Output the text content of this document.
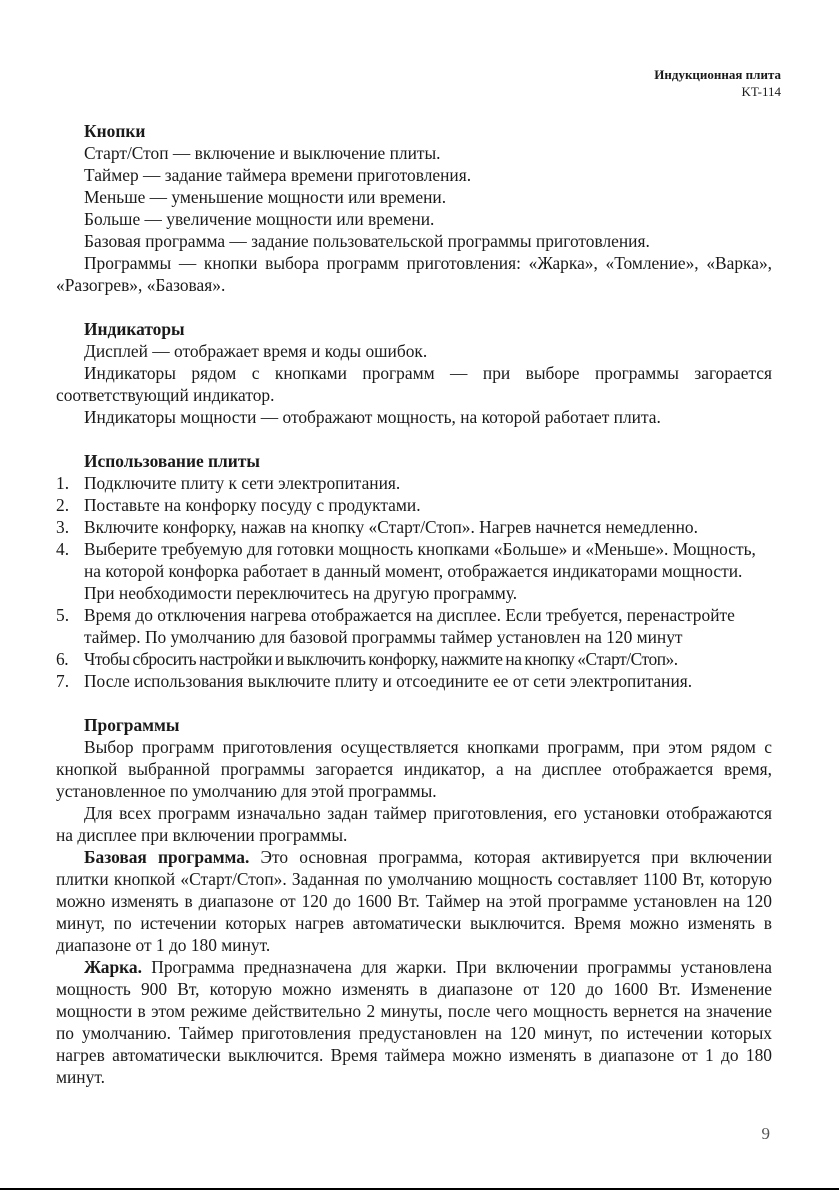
Индукционная плита
KT-114

Кнопки

Старт/Стоп — включение и выключение плиты.

Таймер — задание таймера времени приготовления.

Меньше — уменьшение мощности или времени.

Больше — увеличение мощности или времени.

Базовая программа — задание пользовательской программы приготовления.

Программы — кнопки выбора программ приготовления: «Жарка», «Томление», «Варка», «Разогрев», «Базовая».

Индикаторы

Дисплей — отображает время и коды ошибок.

Индикаторы рядом с кнопками программ — при выборе программы загорается соответствующий индикатор.

Индикаторы мощности — отображают мощность, на которой работает плита.

Использование плиты

1. Подключите плиту к сети электропитания.
2. Поставьте на конфорку посуду с продуктами.
3. Включите конфорку, нажав на кнопку «Старт/Стоп». Нагрев начнется немедленно.
4. Выберите требуемую для готовки мощность кнопками «Больше» и «Меньше». Мощность, на которой конфорка работает в данный момент, отображается индикаторами мощности. При необходимости переключитесь на другую программу.
5. Время до отключения нагрева отображается на дисплее. Если требуется, перенастройте таймер. По умолчанию для базовой программы таймер установлен на 120 минут
6. Чтобы сбросить настройки и выключить конфорку, нажмите на кнопку «Старт/Стоп».
7. После использования выключите плиту и отсоедините ее от сети электропитания.

Программы

Выбор программ приготовления осуществляется кнопками программ, при этом рядом с кнопкой выбранной программы загорается индикатор, а на дисплее отображается время, установленное по умолчанию для этой программы.

Для всех программ изначально задан таймер приготовления, его установки отображаются на дисплее при включении программы.

Базовая программа. Это основная программа, которая активируется при включении плитки кнопкой «Старт/Стоп». Заданная по умолчанию мощность составляет 1100 Вт, которую можно изменять в диапазоне от 120 до 1600 Вт. Таймер на этой программе установлен на 120 минут, по истечении которых нагрев автоматически выключится. Время можно изменять в диапазоне от 1 до 180 минут.

Жарка. Программа предназначена для жарки. При включении программы установлена мощность 900 Вт, которую можно изменять в диапазоне от 120 до 1600 Вт. Изменение мощности в этом режиме действительно 2 минуты, после чего мощность вернется на значение по умолчанию. Таймер приготовления предустановлен на 120 минут, по истечении которых нагрев автоматически выключится. Время таймера можно изменять в диапазоне от 1 до 180 минут.

9
